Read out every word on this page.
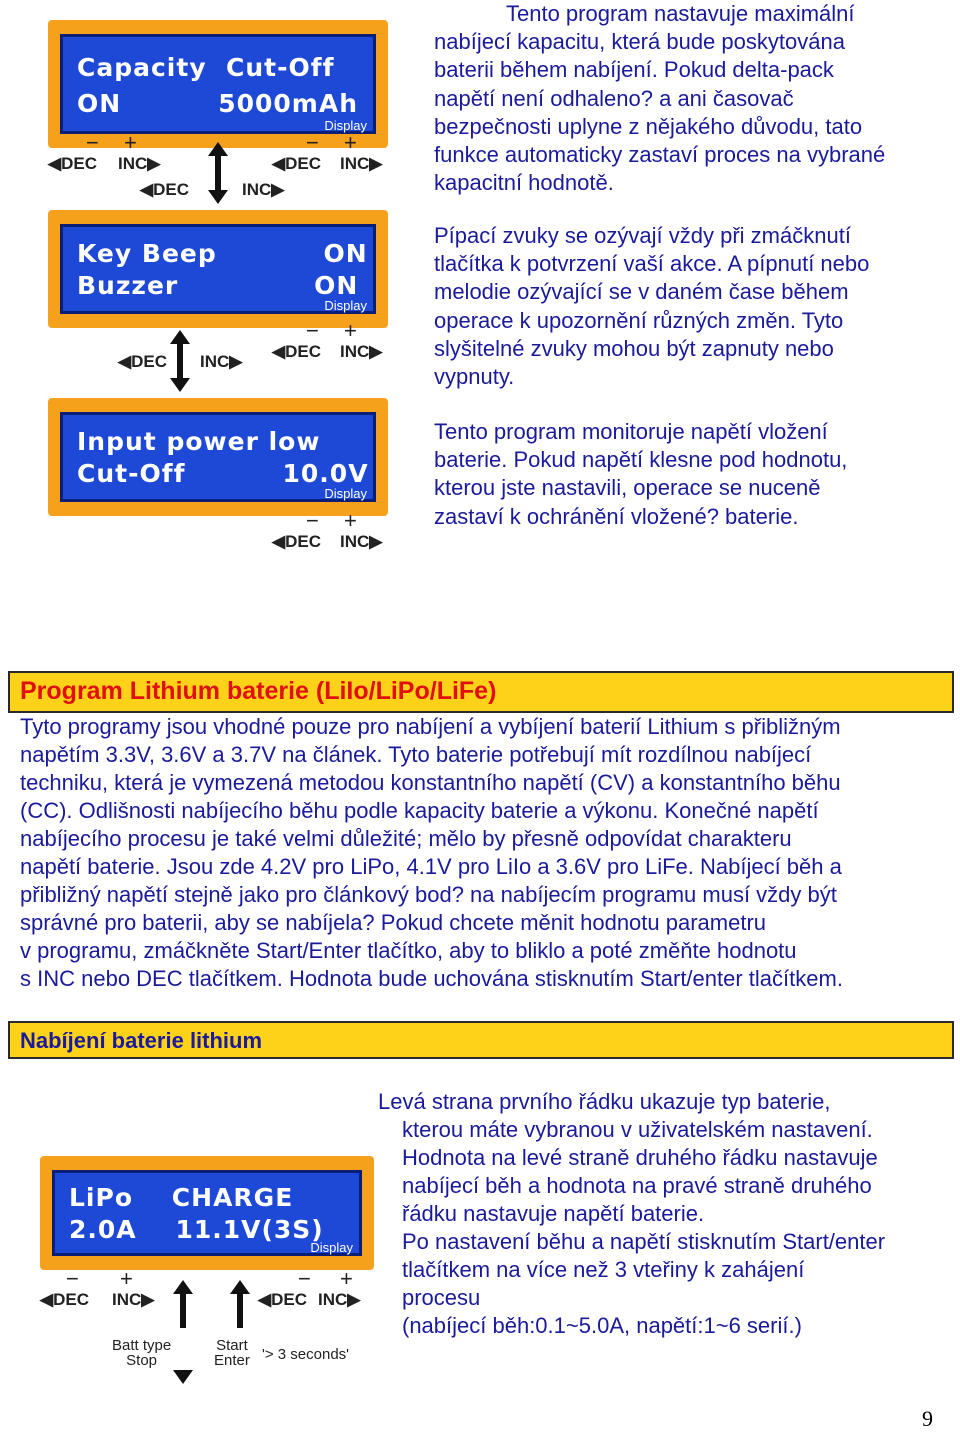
Capacity  Cut-Off
ON          5000mAh
Display
− +
◀DEC INC▶
− +
◀DEC INC▶
◀DEC	INC▶
Tento program nastavuje maximální
nabíjecí kapacitu, která bude poskytována
baterii během nabíjení. Pokud delta-pack
napětí není odhaleno? a ani časovač
bezpečnosti uplyne z nějakého důvodu, tato
funkce automaticky zastaví proces na vybrané
kapacitní hodnotě.
Key Beep           ON
Buzzer              ON
Display
− +
◀DEC INC▶
◀DEC INC▶
Pípací zvuky se ozývají vždy při zmáčknutí
tlačítka k potvrzení vaší akce. A pípnutí nebo
melodie ozývající se v daném čase během
operace k upozornění různých změn. Tyto
slyšitelné zvuky mohou být zapnuty nebo
vypnuty.
Input power low
Cut-Off          10.0V
Display
− +
◀DEC INC▶
Tento program monitoruje napětí vložení
baterie. Pokud napětí klesne pod hodnotu,
kterou jste nastavili, operace se nuceně
zastaví k ochránění vložené? baterie.
Program Lithium baterie (LiIo/LiPo/LiFe)
Tyto programy jsou vhodné pouze pro nabíjení a vybíjení baterií Lithium s přibližným
napětím 3.3V, 3.6V a 3.7V na článek. Tyto baterie potřebují mít rozdílnou nabíjecí
techniku, která je vymezená metodou konstantního napětí (CV) a konstantního běhu
(CC). Odlišnosti nabíjecího běhu podle kapacity baterie a výkonu. Konečné napětí
nabíjecího procesu je také velmi důležité; mělo by přesně odpovídat charakteru
napětí baterie. Jsou zde 4.2V pro LiPo, 4.1V pro LiIo a 3.6V pro LiFe. Nabíjecí běh a
přibližný napětí stejně jako pro článkový bod? na nabíjecím programu musí vždy být
správné pro baterii, aby se nabíjela? Pokud chcete měnit hodnotu parametru
v programu, zmáčkněte Start/Enter tlačítko, aby to bliklo a poté změňte hodnotu
s INC nebo DEC tlačítkem. Hodnota bude uchována stisknutím Start/enter tlačítkem.
Nabíjení baterie lithium
LiPo    CHARGE
2.0A    11.1V(3S)
Display
− +
◀DEC INC▶
− +
◀DEC INC▶
Batt type
Stop
Start
Enter '> 3 seconds'
Levá strana prvního řádku ukazuje typ baterie,
kterou máte vybranou v uživatelském nastavení.
Hodnota na levé straně druhého řádku nastavuje
nabíjecí běh a hodnota na pravé straně druhého
řádku nastavuje napětí baterie.
Po nastavení běhu a napětí stisknutím Start/enter
tlačítkem na více než 3 vteřiny k zahájení
procesu
(nabíjecí běh:0.1~5.0A, napětí:1~6 serií.)
9
